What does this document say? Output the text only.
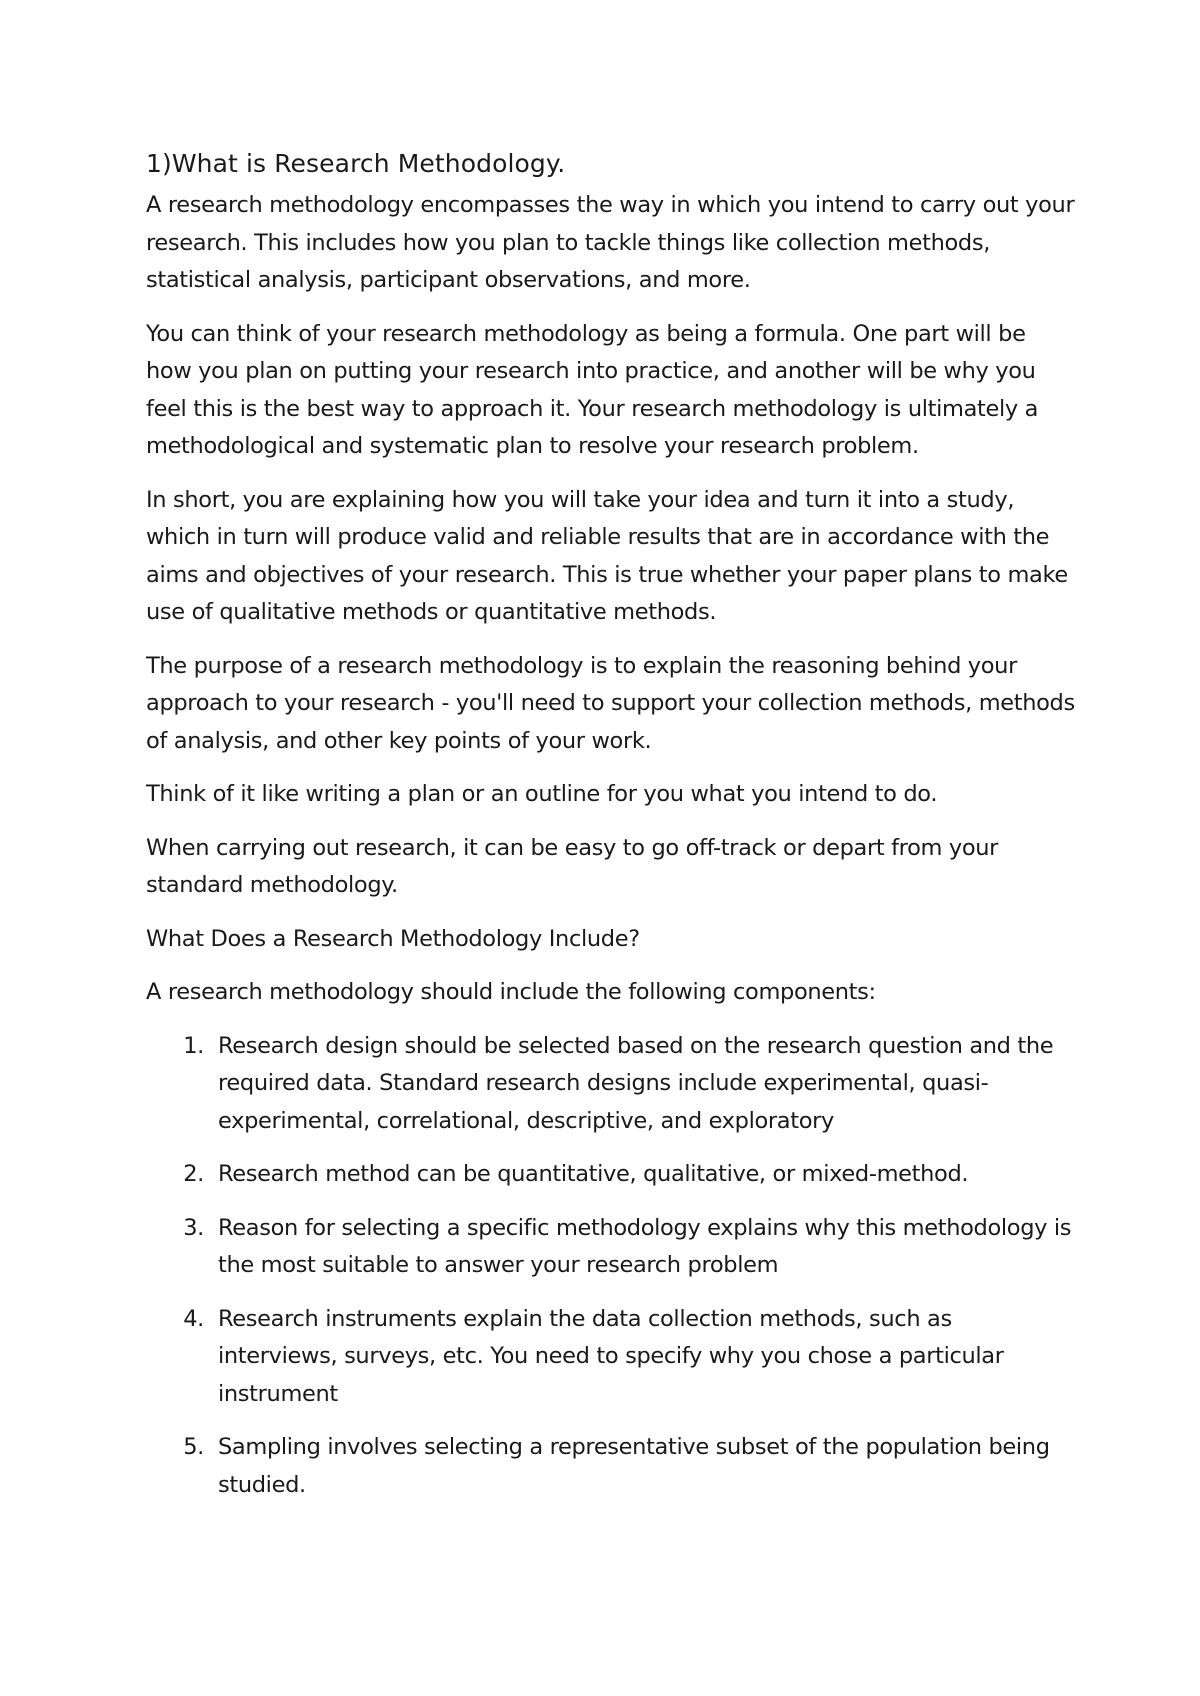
1)What is Research Methodology.

A research methodology encompasses the way in which you intend to carry out your research. This includes how you plan to tackle things like collection methods, statistical analysis, participant observations, and more.

You can think of your research methodology as being a formula. One part will be how you plan on putting your research into practice, and another will be why you feel this is the best way to approach it. Your research methodology is ultimately a methodological and systematic plan to resolve your research problem.

In short, you are explaining how you will take your idea and turn it into a study, which in turn will produce valid and reliable results that are in accordance with the aims and objectives of your research. This is true whether your paper plans to make use of qualitative methods or quantitative methods.

The purpose of a research methodology is to explain the reasoning behind your approach to your research - you'll need to support your collection methods, methods of analysis, and other key points of your work.

Think of it like writing a plan or an outline for you what you intend to do.

When carrying out research, it can be easy to go off-track or depart from your standard methodology.

What Does a Research Methodology Include?

A research methodology should include the following components:

1. Research design should be selected based on the research question and the required data. Standard research designs include experimental, quasi-experimental, correlational, descriptive, and exploratory
2. Research method can be quantitative, qualitative, or mixed-method.
3. Reason for selecting a specific methodology explains why this methodology is the most suitable to answer your research problem
4. Research instruments explain the data collection methods, such as interviews, surveys, etc. You need to specify why you chose a particular instrument
5. Sampling involves selecting a representative subset of the population being studied.
